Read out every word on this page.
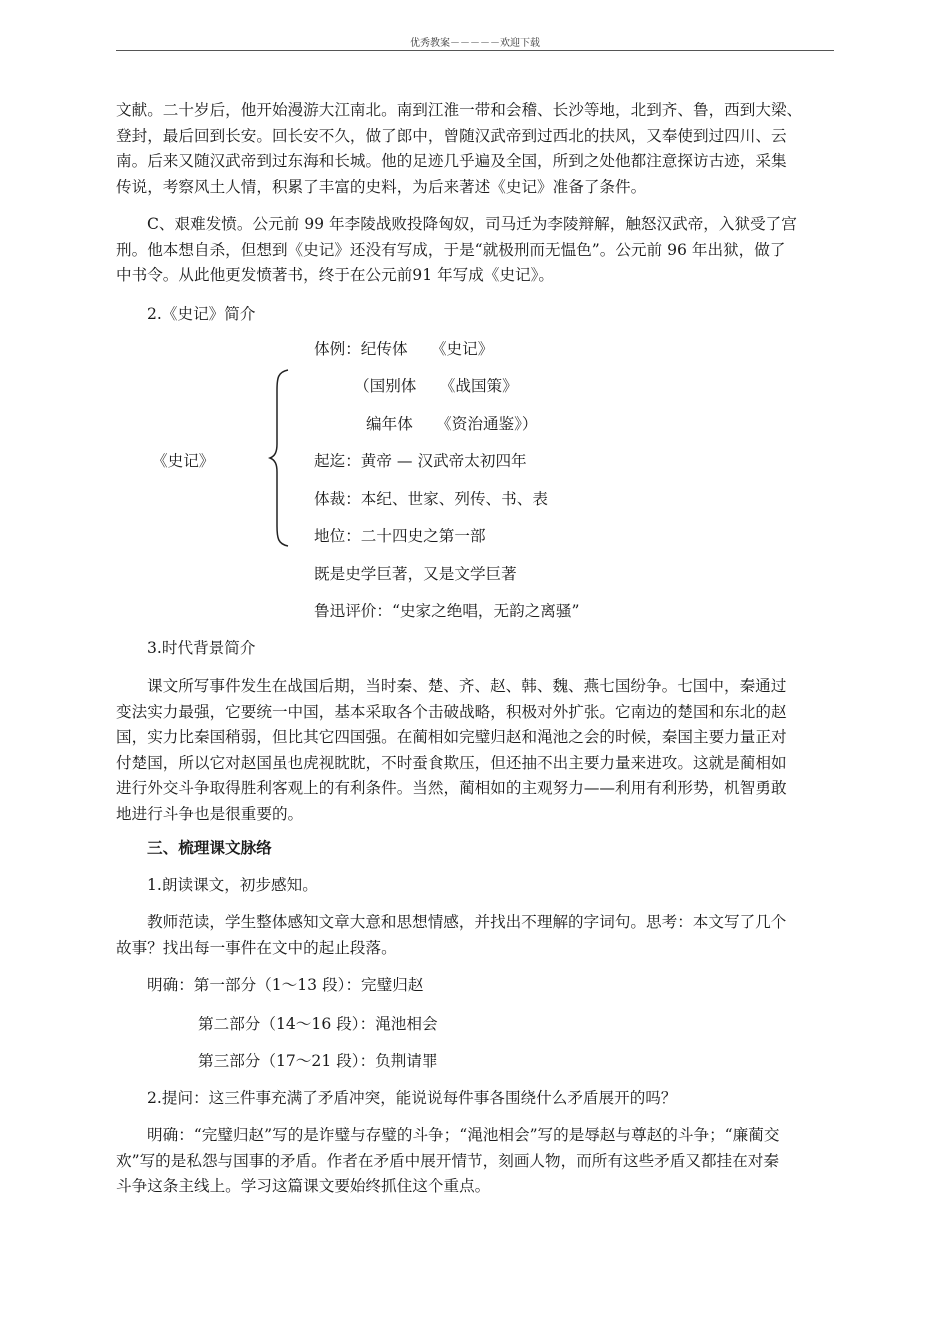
优秀教案－－－－－欢迎下载
文献。二十岁后，他开始漫游大江南北。南到江淮一带和会稽、长沙等地，北到齐、鲁，西到大梁、
登封，最后回到长安。回长安不久，做了郎中，曾随汉武帝到过西北的扶风，又奉使到过四川、云
南。后来又随汉武帝到过东海和长城。他的足迹几乎遍及全国，所到之处他都注意探访古迹，采集
传说，考察风土人情，积累了丰富的史料，为后来著述《史记》准备了条件。
C、艰难发愤。公元前 99 年李陵战败投降匈奴，司马迁为李陵辩解，触怒汉武帝，入狱受了宫
刑。他本想自杀，但想到《史记》还没有写成，于是“就极刑而无愠色”。公元前 96 年出狱，做了
中书令。从此他更发愤著书，终于在公元前91 年写成《史记》。
2.《史记》简介
《史记》
体例：纪传体　　《史记》
（国别体　　《战国策》
编年体　　《资治通鉴》）
起迄：黄帝 — 汉武帝太初四年
体裁：本纪、世家、列传、书、表
地位：二十四史之第一部
既是史学巨著，又是文学巨著
鲁迅评价：“史家之绝唱，无韵之离骚”
3.时代背景简介
课文所写事件发生在战国后期，当时秦、楚、齐、赵、韩、魏、燕七国纷争。七国中，秦通过
变法实力最强，它要统一中国，基本采取各个击破战略，积极对外扩张。它南边的楚国和东北的赵
国，实力比秦国稍弱，但比其它四国强。在蔺相如完璧归赵和渑池之会的时候，秦国主要力量正对
付楚国，所以它对赵国虽也虎视眈眈，不时蚕食欺压，但还抽不出主要力量来进攻。这就是蔺相如
进行外交斗争取得胜利客观上的有利条件。当然，蔺相如的主观努力——利用有利形势，机智勇敢
地进行斗争也是很重要的。
三、梳理课文脉络
1.朗读课文，初步感知。
教师范读，学生整体感知文章大意和思想情感，并找出不理解的字词句。思考：本文写了几个
故事？找出每一事件在文中的起止段落。
明确：第一部分（1～13 段）：完璧归赵
第二部分（14～16 段）：渑池相会
第三部分（17～21 段）：负荆请罪
2.提问：这三件事充满了矛盾冲突，能说说每件事各围绕什么矛盾展开的吗？
明确：“完璧归赵”写的是诈璧与存璧的斗争；“渑池相会”写的是辱赵与尊赵的斗争；“廉蔺交
欢”写的是私怨与国事的矛盾。作者在矛盾中展开情节，刻画人物，而所有这些矛盾又都挂在对秦
斗争这条主线上。学习这篇课文要始终抓住这个重点。
